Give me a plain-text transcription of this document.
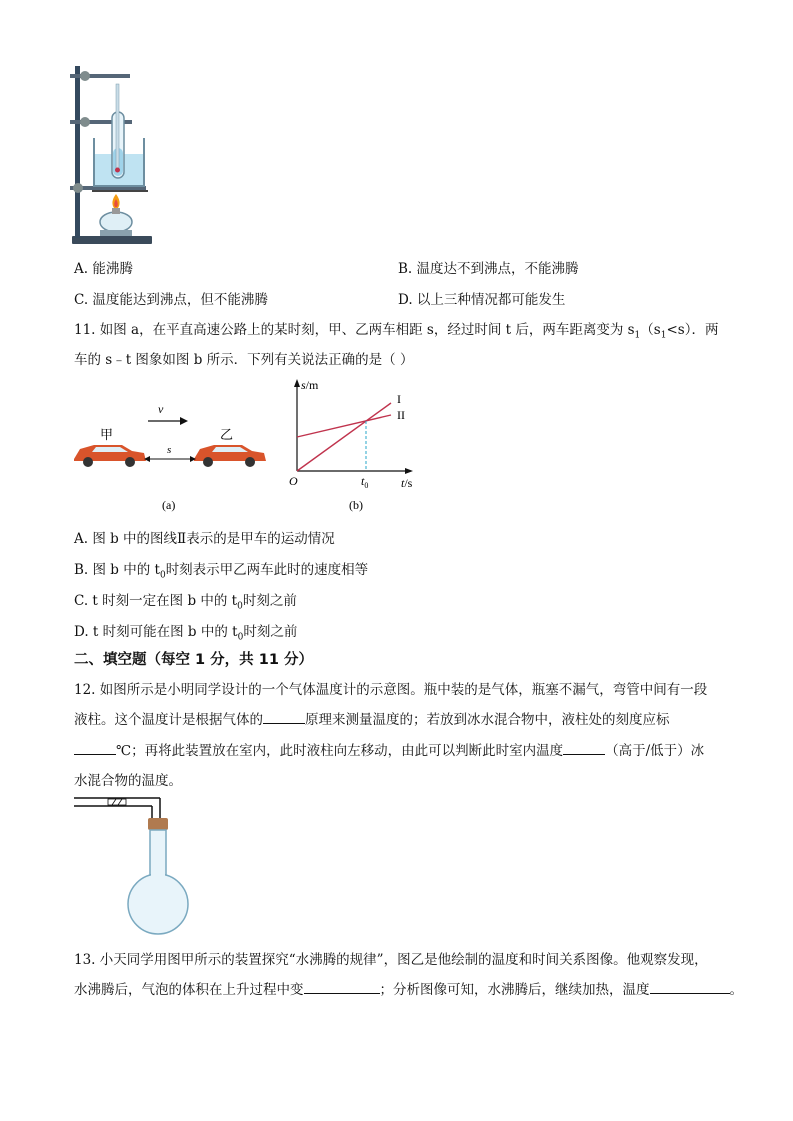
A. 能沸腾	B. 温度达不到沸点，不能沸腾
C. 温度能达到沸点，但不能沸腾	D. 以上三种情况都可能发生
11. 如图 a，在平直高速公路上的某时刻，甲、乙两车相距 s，经过时间 t 后，两车距离变为 $s_1(s_1<s)$．两
车的 s﹣t 图象如图 b 所示．下列有关说法正确的是（ ）
v
甲	乙
s
(a)
s/m
t/s
O	$t_0$
I
II
(b)
A. 图 b 中的图线Ⅱ表示的是甲车的运动情况
B. 图 b 中的 $t_0$时刻表示甲乙两车此时的速度相等
C. t 时刻一定在图 b 中的 $t_0$时刻之前
D. t 时刻可能在图 b 中的 $t_0$时刻之前
二、填空题（每空 1 分，共 11 分）
12. 如图所示是小明同学设计的一个气体温度计的示意图。瓶中装的是气体，瓶塞不漏气，弯管中间有一段
液柱。这个温度计是根据气体的	原理来测量温度的；若放到冰水混合物中，液柱处的刻度应标
℃；再将此装置放在室内，此时液柱向左移动，由此可以判断此时室内温度	（高于/低于）冰
水混合物的温度。
13. 小天同学用图甲所示的装置探究“水沸腾的规律”，图乙是他绘制的温度和时间关系图像。他观察发现，
水沸腾后，气泡的体积在上升过程中变	；分析图像可知，水沸腾后，继续加热，温度	。
